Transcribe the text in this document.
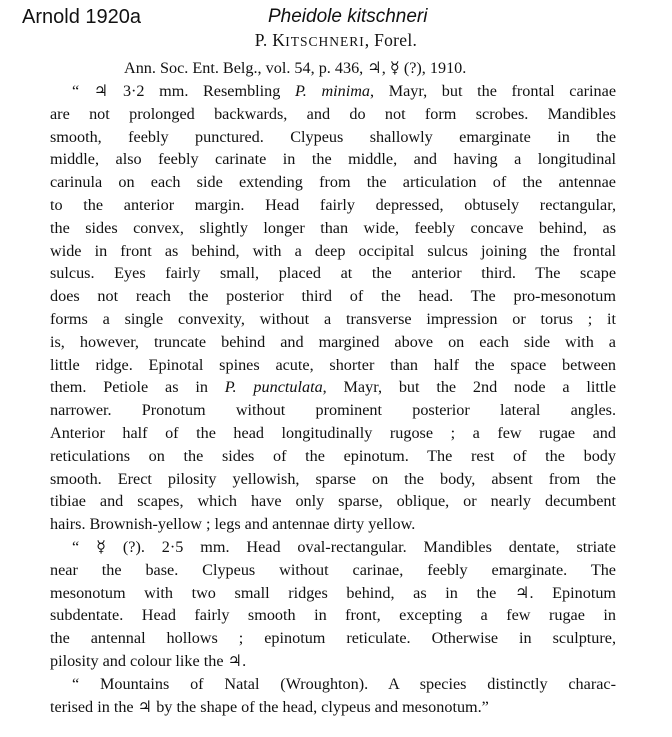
Arnold 1920a	Pheidole kitschneri
P. KITSCHNERI, Forel.
Ann. Soc. Ent. Belg., vol. 54, p. 436, ♃, ☿ (?), 1910.
“ ♃ 3·2 mm. Resembling P. minima, Mayr, but the frontal carinae
are not prolonged backwards, and do not form scrobes. Mandibles
smooth, feebly punctured. Clypeus shallowly emarginate in the
middle, also feebly carinate in the middle, and having a longitudinal
carinula on each side extending from the articulation of the antennae
to the anterior margin. Head fairly depressed, obtusely rectangular,
the sides convex, slightly longer than wide, feebly concave behind, as
wide in front as behind, with a deep occipital sulcus joining the frontal
sulcus. Eyes fairly small, placed at the anterior third. The scape
does not reach the posterior third of the head. The pro-mesonotum
forms a single convexity, without a transverse impression or torus ; it
is, however, truncate behind and margined above on each side with a
little ridge. Epinotal spines acute, shorter than half the space between
them. Petiole as in P. punctulata, Mayr, but the 2nd node a little
narrower. Pronotum without prominent posterior lateral angles.
Anterior half of the head longitudinally rugose ; a few rugae and
reticulations on the sides of the epinotum. The rest of the body
smooth. Erect pilosity yellowish, sparse on the body, absent from the
tibiae and scapes, which have only sparse, oblique, or nearly decumbent
hairs. Brownish-yellow ; legs and antennae dirty yellow.
“ ☿ (?). 2·5 mm. Head oval-rectangular. Mandibles dentate, striate
near the base. Clypeus without carinae, feebly emarginate. The
mesonotum with two small ridges behind, as in the ♃. Epinotum
subdentate. Head fairly smooth in front, excepting a few rugae in
the antennal hollows ; epinotum reticulate. Otherwise in sculpture,
pilosity and colour like the ♃.
“ Mountains of Natal (Wroughton). A species distinctly charac-
terised in the ♃ by the shape of the head, clypeus and mesonotum.”
